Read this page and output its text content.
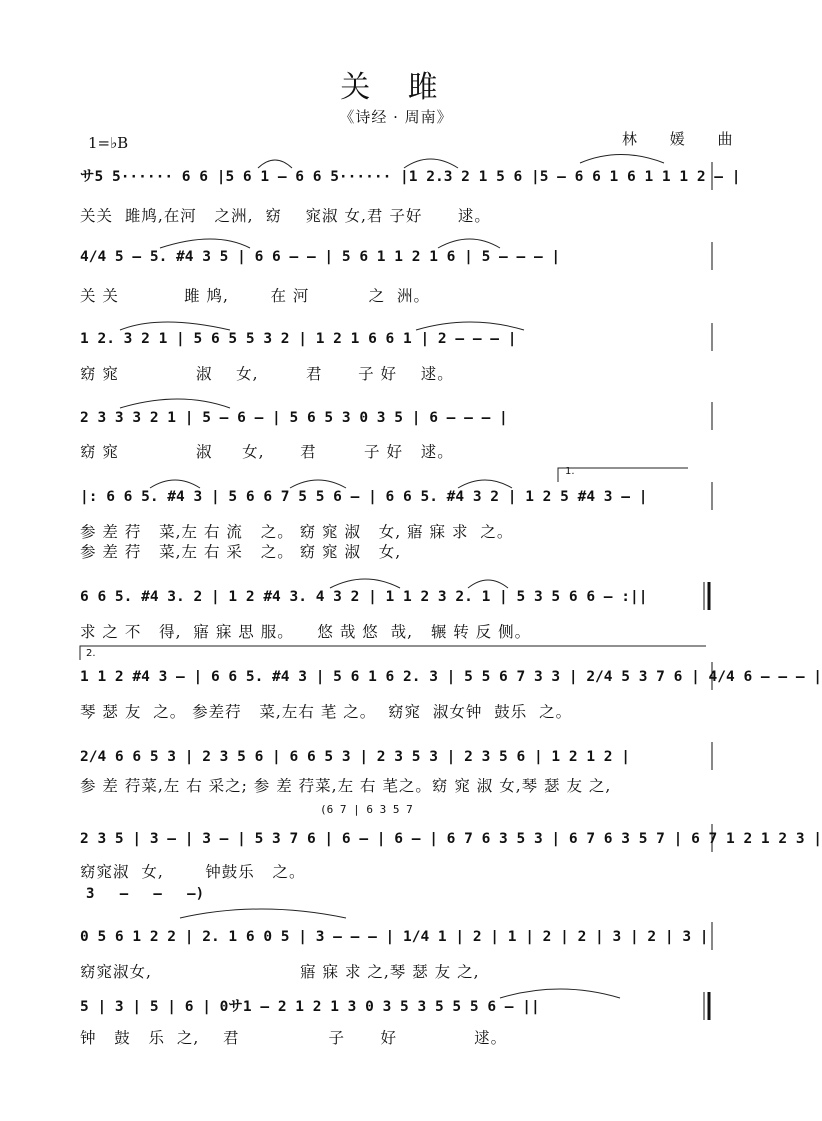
关 雎
《诗经 · 周南》
1=♭B	林 媛 曲
サ5 5······ 6 6 |5 6 1 – 6 6 5······ |1 2.3 2 1 5 6 |5 – 6 6 1 6 1 1 1 2 – |
关关  雎鸠,在河   之洲,  窈    窕淑 女,君 子好      逑。
4/4 5 – 5. #4 3 5 | 6 6 – – | 5 6 1 1 2 1 6 | 5 – – – |
关 关           雎 鸠,       在 河          之  洲。
1 2. 3 2 1 | 5 6 5 5 3 2 | 1 2 1 6 6 1 | 2 – – – |
窈 窕             淑    女,        君      子 好    逑。
2 3 3 3 2 1 | 5 – 6 – | 5 6 5 3 0 3 5 | 6 – – – |
窈 窕             淑     女,      君        子 好   逑。
1.
|: 6 6 5. #4 3 | 5 6 6 7 5 5 6 – | 6 6 5. #4 3 2 | 1 2 5 #4 3 – |
参 差 荇   菜,左 右 流   之。 窈 窕 淑   女, 寤 寐 求  之。
参 差 荇   菜,左 右 采   之。 窈 窕 淑   女,
6 6 5. #4 3. 2 | 1 2 #4 3. 4 3 2 | 1 1 2 3 2. 1 | 5 3 5 6 6 – :||
求 之 不   得,  寤 寐 思 服。    悠 哉 悠  哉,   辗 转 反 侧。
2.
1 1 2 #4 3 – | 6 6 5. #4 3 | 5 6 1 6 2. 3 | 5 5 6 7 3 3 | 2/4 5 3 7 6 | 4/4 6 – – – |
琴 瑟 友  之。 参差荇   菜,左右 芼 之。  窈窕  淑女钟  鼓乐  之。
2/4 6 6 5 3 | 2 3 5 6 | 6 6 5 3 | 2 3 5 3 | 2 3 5 6 | 1 2 1 2 |
参 差 荇菜,左 右 采之; 参 差 荇菜,左 右 芼之。窈 窕 淑 女,琴 瑟 友 之,
(6 7 | 6 3 5 7
2 3 5 | 3 – | 3 – | 5 3 7 6 | 6 – | 6 – | 6 7 6 3 5 3 | 6 7 6 3 5 7 | 6 7 1 2 1 2 3 |
窈窕淑  女,       钟鼓乐   之。
3   –   –   –)
0 5 6 1 2 2 | 2. 1 6 0 5 | 3 – – – | 1/4 1 | 2 | 1 | 2 | 2 | 3 | 2 | 3 |
窈窕淑女,                         寤 寐 求 之,琴 瑟 友 之,
5 | 3 | 5 | 6 | 0サ1 – 2 1 2 1 3 0 3 5 3 5 5 5 6 – ||
钟   鼓   乐  之,    君               子      好             逑。
